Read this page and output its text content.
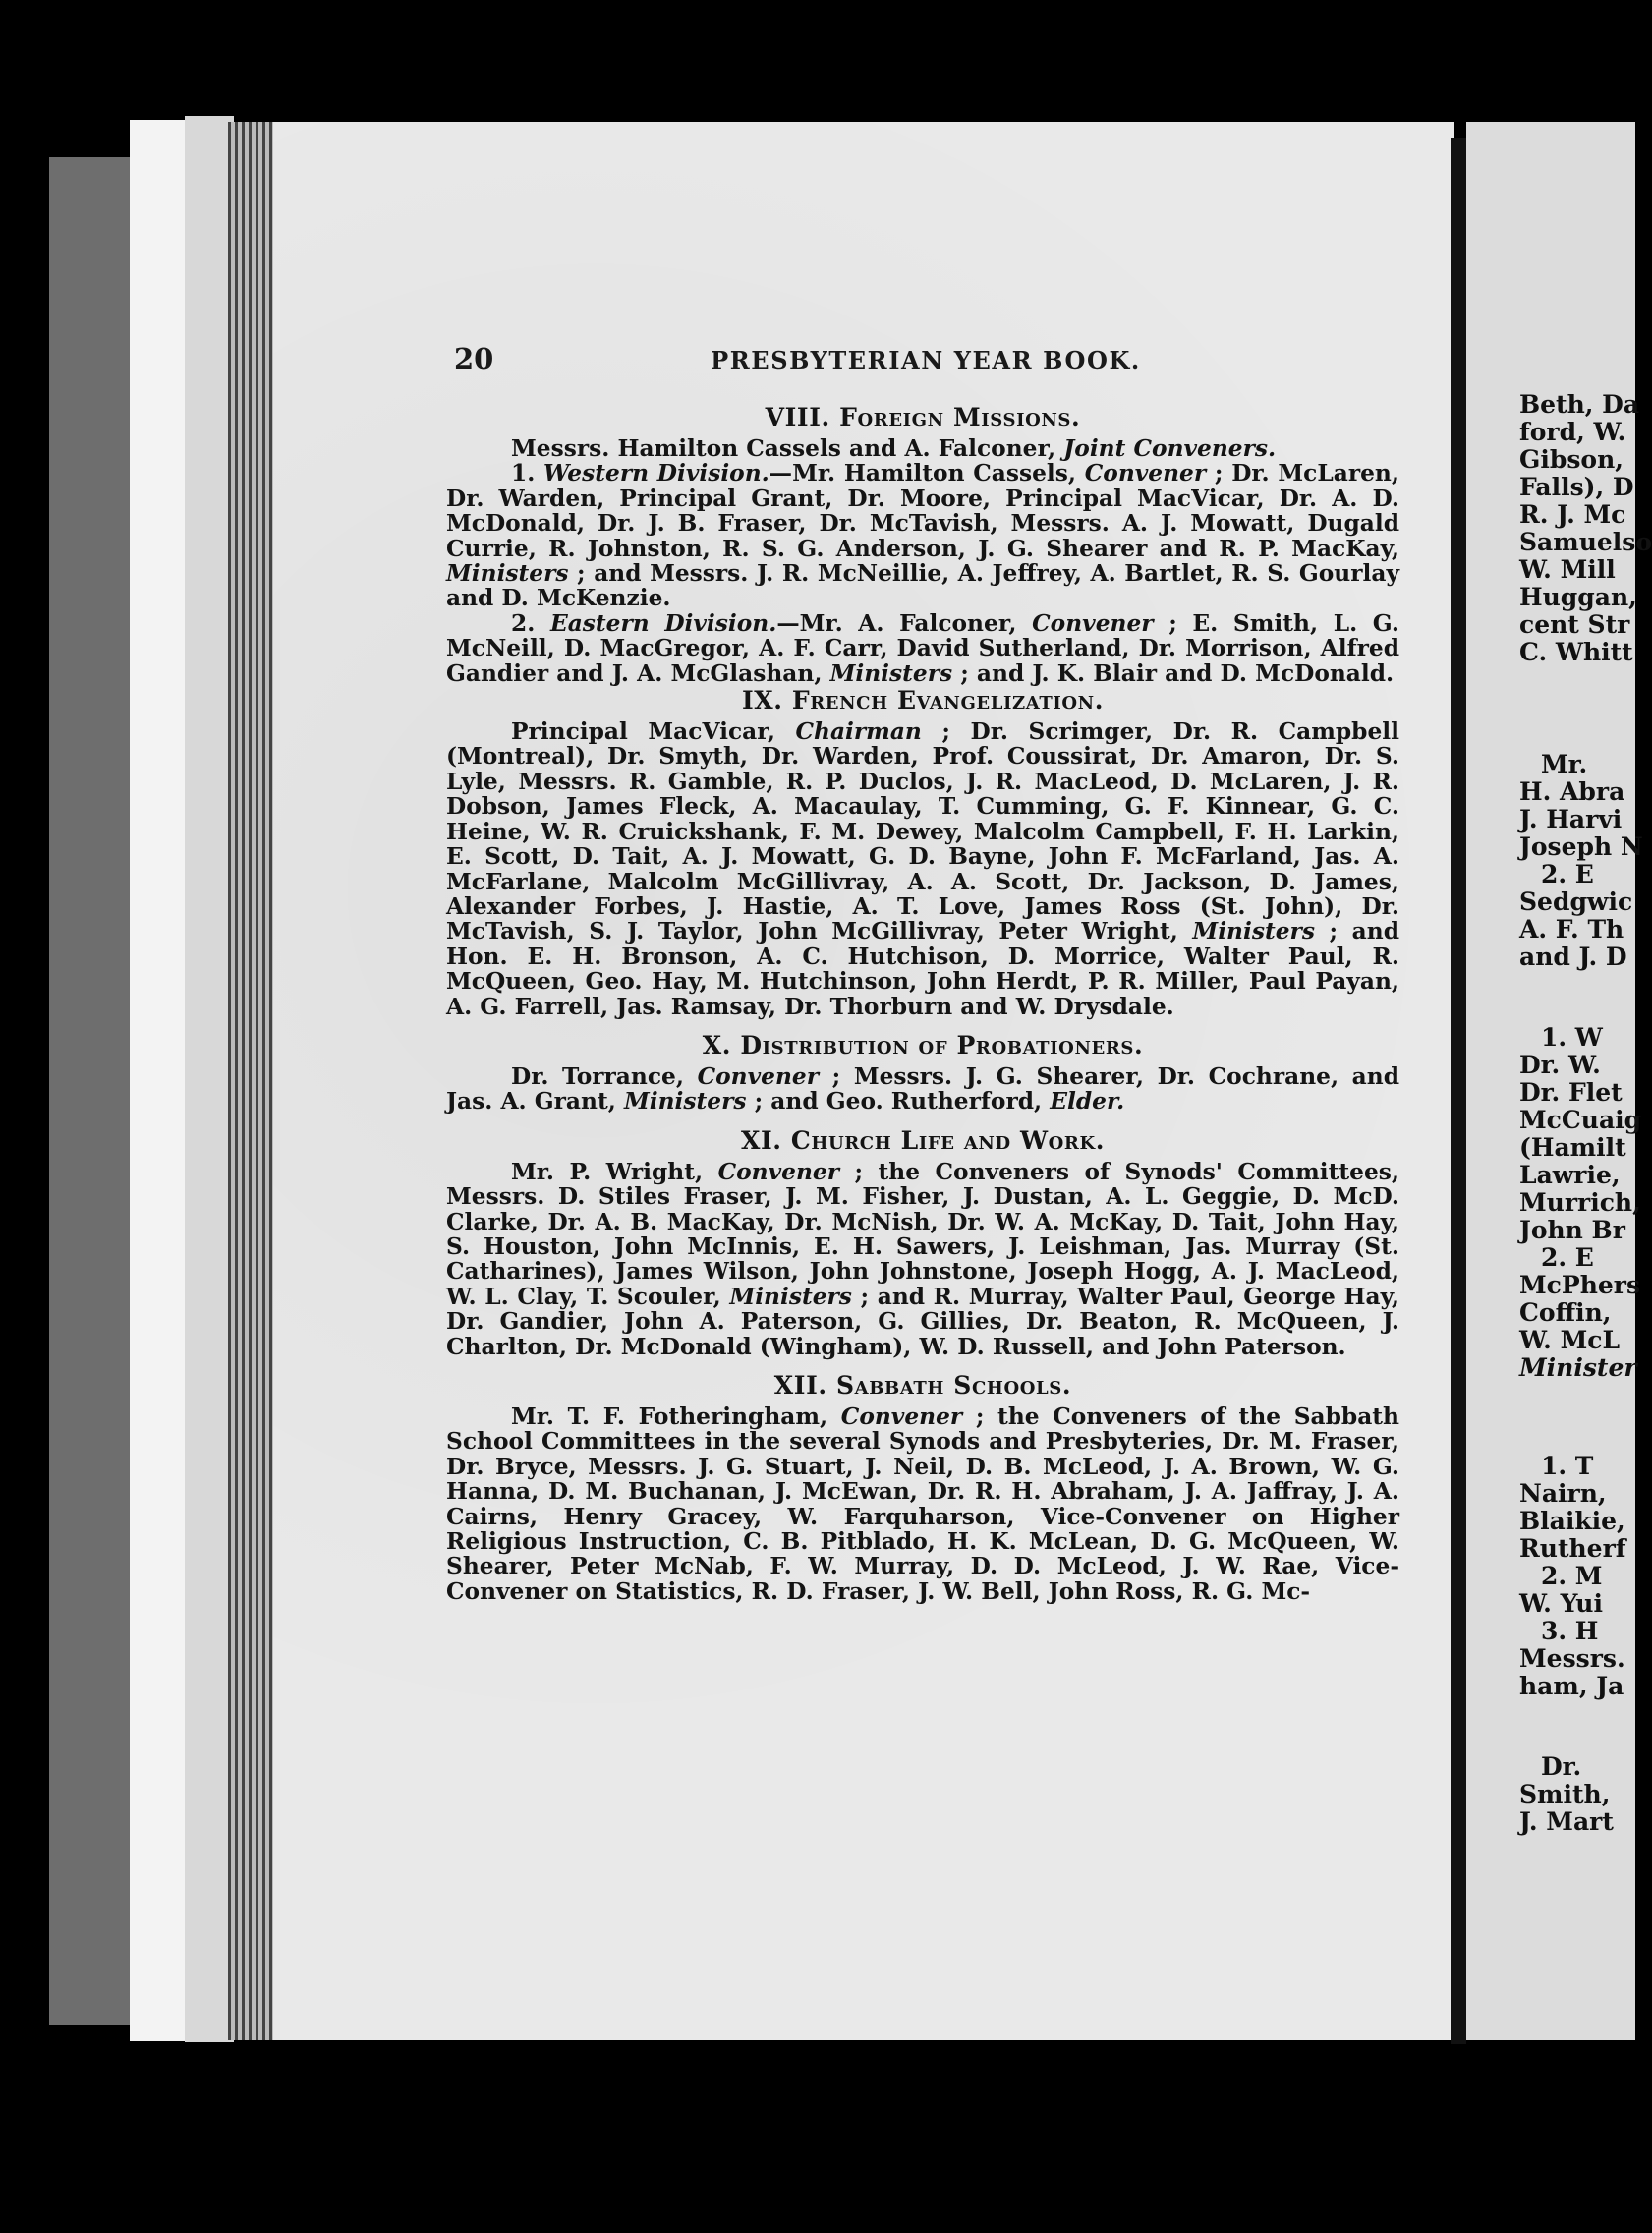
Beth, Da
ford, W.
Gibson,
Falls), D
R. J. Mc
Samuelso
W. Mill
Huggan,
cent Str
C. Whitt
Mr.
H. Abra
J. Harvi
Joseph N
2. E
Sedgwic
A. F. Th
and J. D
1. W
Dr. W.
Dr. Flet
McCuaig
(Hamilt
Lawrie,
Murrich,
John Br
2. E
McPhers
Coffin,
W. McL
Minister
1. T
Nairn,
Blaikie,
Rutherf
2. M
W. Yui
3. H
Messrs.
ham, Ja
Dr.
Smith,
J. Mart
20	PRESBYTERIAN YEAR BOOK.
VIII. Foreign Missions.

Messrs. Hamilton Cassels and A. Falconer, Joint Conveners.

1. Western Division.—Mr. Hamilton Cassels, Convener ; Dr. McLaren, Dr. Warden, Principal Grant, Dr. Moore, Principal MacVicar, Dr. A. D. McDonald, Dr. J. B. Fraser, Dr. McTavish, Messrs. A. J. Mowatt, Dugald Currie, R. Johnston, R. S. G. Anderson, J. G. Shearer and R. P. MacKay, Ministers ; and Messrs. J. R. McNeillie, A. Jeffrey, A. Bartlet, R. S. Gourlay and D. McKenzie.

2. Eastern Division.—Mr. A. Falconer, Convener ; E. Smith, L. G. McNeill, D. MacGregor, A. F. Carr, David Sutherland, Dr. Morrison, Alfred Gandier and J. A. McGlashan, Ministers ; and J. K. Blair and D. McDonald.

IX. French Evangelization.

Principal MacVicar, Chairman ; Dr. Scrimger, Dr. R. Campbell (Montreal), Dr. Smyth, Dr. Warden, Prof. Coussirat, Dr. Amaron, Dr. S. Lyle, Messrs. R. Gamble, R. P. Duclos, J. R. MacLeod, D. McLaren, J. R. Dobson, James Fleck, A. Macaulay, T. Cumming, G. F. Kinnear, G. C. Heine, W. R. Cruickshank, F. M. Dewey, Malcolm Campbell, F. H. Larkin, E. Scott, D. Tait, A. J. Mowatt, G. D. Bayne, John F. McFarland, Jas. A. McFarlane, Malcolm McGillivray, A. A. Scott, Dr. Jackson, D. James, Alexander Forbes, J. Hastie, A. T. Love, James Ross (St. John), Dr. McTavish, S. J. Taylor, John McGillivray, Peter Wright, Ministers ; and Hon. E. H. Bronson, A. C. Hutchison, D. Morrice, Walter Paul, R. McQueen, Geo. Hay, M. Hutchinson, John Herdt, P. R. Miller, Paul Payan, A. G. Farrell, Jas. Ramsay, Dr. Thorburn and W. Drysdale.

X. Distribution of Probationers.

Dr. Torrance, Convener ; Messrs. J. G. Shearer, Dr. Cochrane, and Jas. A. Grant, Ministers ; and Geo. Rutherford, Elder.

XI. Church Life and Work.

Mr. P. Wright, Convener ; the Conveners of Synods' Committees, Messrs. D. Stiles Fraser, J. M. Fisher, J. Dustan, A. L. Geggie, D. McD. Clarke, Dr. A. B. MacKay, Dr. McNish, Dr. W. A. McKay, D. Tait, John Hay, S. Houston, John McInnis, E. H. Sawers, J. Leishman, Jas. Murray (St. Catharines), James Wilson, John Johnstone, Joseph Hogg, A. J. MacLeod, W. L. Clay, T. Scouler, Ministers ; and R. Murray, Walter Paul, George Hay, Dr. Gandier, John A. Paterson, G. Gillies, Dr. Beaton, R. McQueen, J. Charlton, Dr. McDonald (Wingham), W. D. Russell, and John Paterson.

XII. Sabbath Schools.

Mr. T. F. Fotheringham, Convener ; the Conveners of the Sabbath School Committees in the several Synods and Presbyteries, Dr. M. Fraser, Dr. Bryce, Messrs. J. G. Stuart, J. Neil, D. B. McLeod, J. A. Brown, W. G. Hanna, D. M. Buchanan, J. McEwan, Dr. R. H. Abraham, J. A. Jaffray, J. A. Cairns, Henry Gracey, W. Farquharson, Vice-Convener on Higher Religious Instruction, C. B. Pitblado, H. K. McLean, D. G. McQueen, W. Shearer, Peter McNab, F. W. Murray, D. D. McLeod, J. W. Rae, Vice-Convener on Statistics, R. D. Fraser, J. W. Bell, John Ross, R. G. Mc-
